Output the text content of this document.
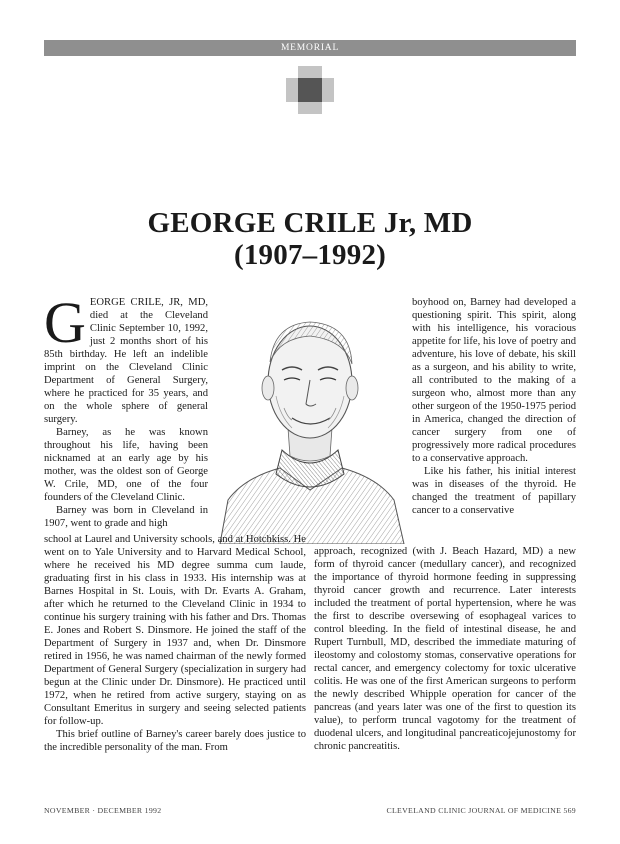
MEMORIAL
GEORGE CRILE Jr, MD
(1907–1992)

GEORGE CRILE, JR, MD, died at the Cleveland Clinic September 10, 1992, just 2 months short of his 85th birthday. He left an indelible imprint on the Cleveland Clinic Department of General Surgery, where he practiced for 35 years, and on the whole sphere of general surgery.

Barney, as he was known throughout his life, having been nicknamed at an early age by his mother, was the oldest son of George W. Crile, MD, one of the four founders of the Cleveland Clinic.

Barney was born in Cleveland in 1907, went to grade and high

boyhood on, Barney had developed a questioning spirit. This spirit, along with his intelligence, his voracious appetite for life, his love of poetry and adventure, his love of debate, his skill as a surgeon, and his ability to write, all contributed to the making of a surgeon who, almost more than any other surgeon of the 1950-1975 period in America, changed the direction of cancer surgery from one of progressively more radical procedures to a conservative approach.

Like his father, his initial interest was in diseases of the thyroid. He changed the treatment of papillary cancer to a conservative

school at Laurel and University schools, and at Hotchkiss. He went on to Yale University and to Harvard Medical School, where he received his MD degree summa cum laude, graduating first in his class in 1933. His internship was at Barnes Hospital in St. Louis, with Dr. Evarts A. Graham, after which he returned to the Cleveland Clinic in 1934 to continue his surgery training with his father and Drs. Thomas E. Jones and Robert S. Dinsmore. He joined the staff of the Department of Surgery in 1937 and, when Dr. Dinsmore retired in 1956, he was named chairman of the newly formed Department of General Surgery (specialization in surgery had begun at the Clinic under Dr. Dinsmore). He practiced until 1972, when he retired from active surgery, staying on as Consultant Emeritus in surgery and seeing selected patients for follow-up.

This brief outline of Barney's career barely does justice to the incredible personality of the man. From

approach, recognized (with J. Beach Hazard, MD) a new form of thyroid cancer (medullary cancer), and recognized the importance of thyroid hormone feeding in suppressing thyroid cancer growth and recurrence. Later interests included the treatment of portal hypertension, where he was the first to describe oversewing of esophageal varices to control bleeding. In the field of intestinal disease, he and Rupert Turnbull, MD, described the immediate maturing of ileostomy and colostomy stomas, conservative operations for rectal cancer, and emergency colectomy for toxic ulcerative colitis. He was one of the first American surgeons to perform the newly described Whipple operation for cancer of the pancreas (and years later was one of the first to question its value), to perform truncal vagotomy for the treatment of duodenal ulcers, and longitudinal pancreaticojejunostomy for chronic pancreatitis.

NOVEMBER · DECEMBER 1992	CLEVELAND CLINIC JOURNAL OF MEDICINE 569
